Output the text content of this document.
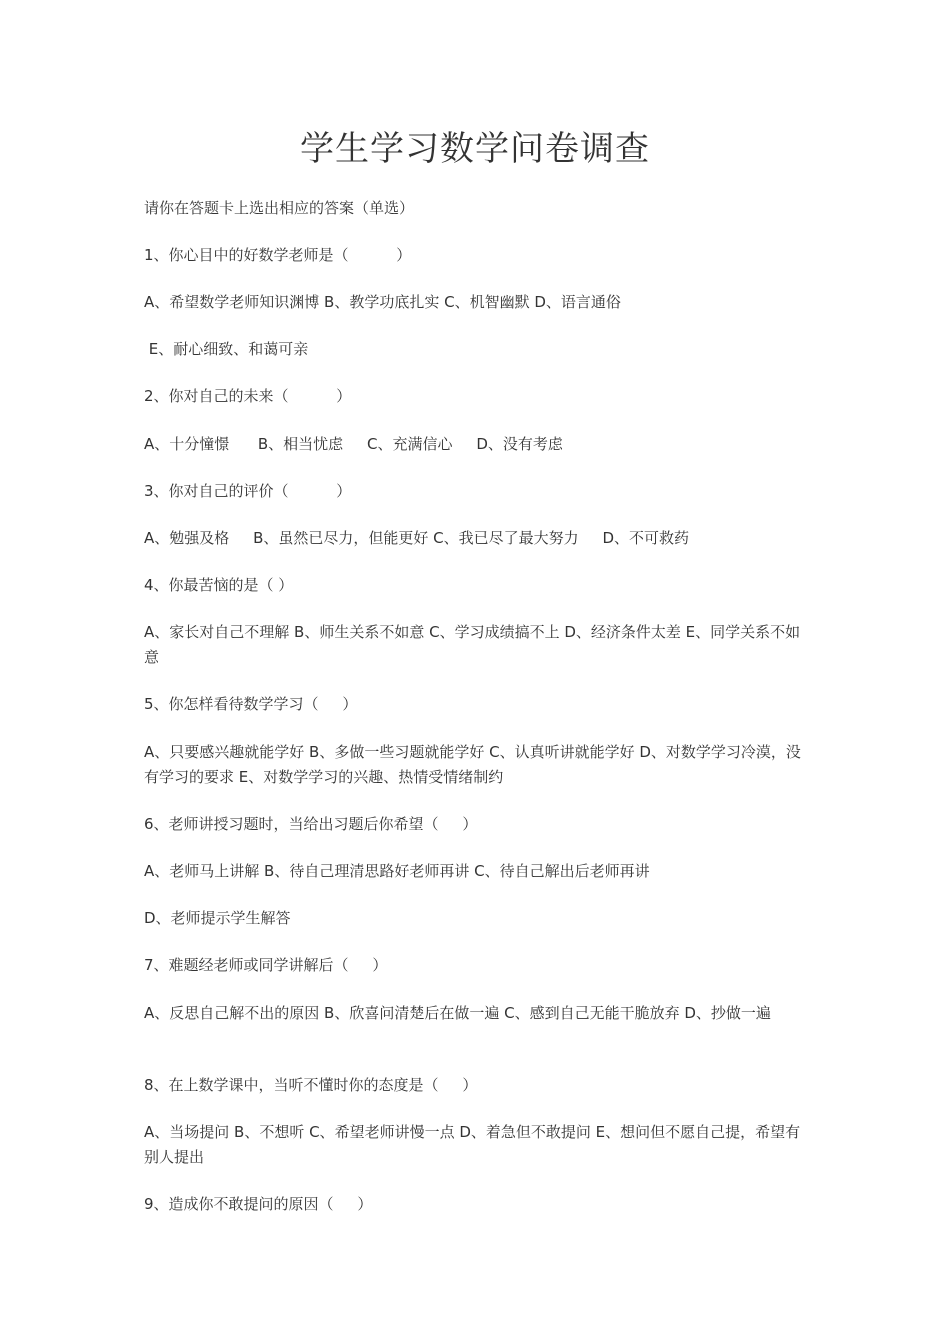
学生学习数学问卷调查

请你在答题卡上选出相应的答案（单选）

1、你心目中的好数学老师是（          ）

A、希望数学老师知识渊博 B、教学功底扎实 C、机智幽默 D、语言通俗

E、耐心细致、和蔼可亲

2、你对自己的未来（          ）

A、十分憧憬      B、相当忧虑     C、充满信心     D、没有考虑

3、你对自己的评价（          ）

A、勉强及格     B、虽然已尽力，但能更好 C、我已尽了最大努力     D、不可救药

4、你最苦恼的是（ ）

A、家长对自己不理解 B、师生关系不如意 C、学习成绩搞不上 D、经济条件太差 E、同学关系不如意

5、你怎样看待数学学习（     ）

A、只要感兴趣就能学好 B、多做一些习题就能学好 C、认真听讲就能学好 D、对数学学习冷漠，没有学习的要求 E、对数学学习的兴趣、热情受情绪制约

6、老师讲授习题时，当给出习题后你希望（     ）

A、老师马上讲解 B、待自己理清思路好老师再讲 C、待自己解出后老师再讲

D、老师提示学生解答

7、难题经老师或同学讲解后（     ）

A、反思自己解不出的原因 B、欣喜问清楚后在做一遍 C、感到自己无能干脆放弃 D、抄做一遍

8、在上数学课中，当听不懂时你的态度是（     ）

A、当场提问 B、不想听 C、希望老师讲慢一点 D、着急但不敢提问 E、想问但不愿自己提，希望有别人提出

9、造成你不敢提问的原因（     ）
